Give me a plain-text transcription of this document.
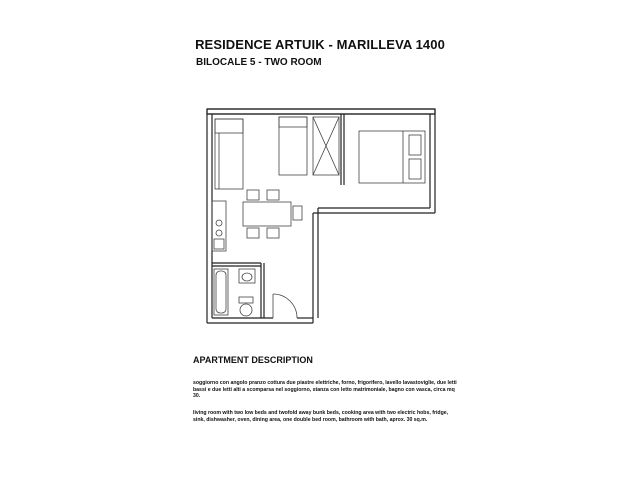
RESIDENCE ARTUIK - MARILLEVA 1400
BILOCALE 5 - TWO ROOM
APARTMENT DESCRIPTION
soggiorno con angolo pranzo cottura due piastre elettriche, forno, frigorifero, lavello lavastoviglie, due letti bassi e due letti alti a scomparsa nel soggiorno, stanza con letto matrimoniale, bagno con vasca, circa mq 30.
living room with two low beds and twofold away bunk beds, cooking area with two electric hobs, fridge, sink, dishwasher, oven, dining area, one double bed room, bathroom with bath, aprox. 30 sq.m.
